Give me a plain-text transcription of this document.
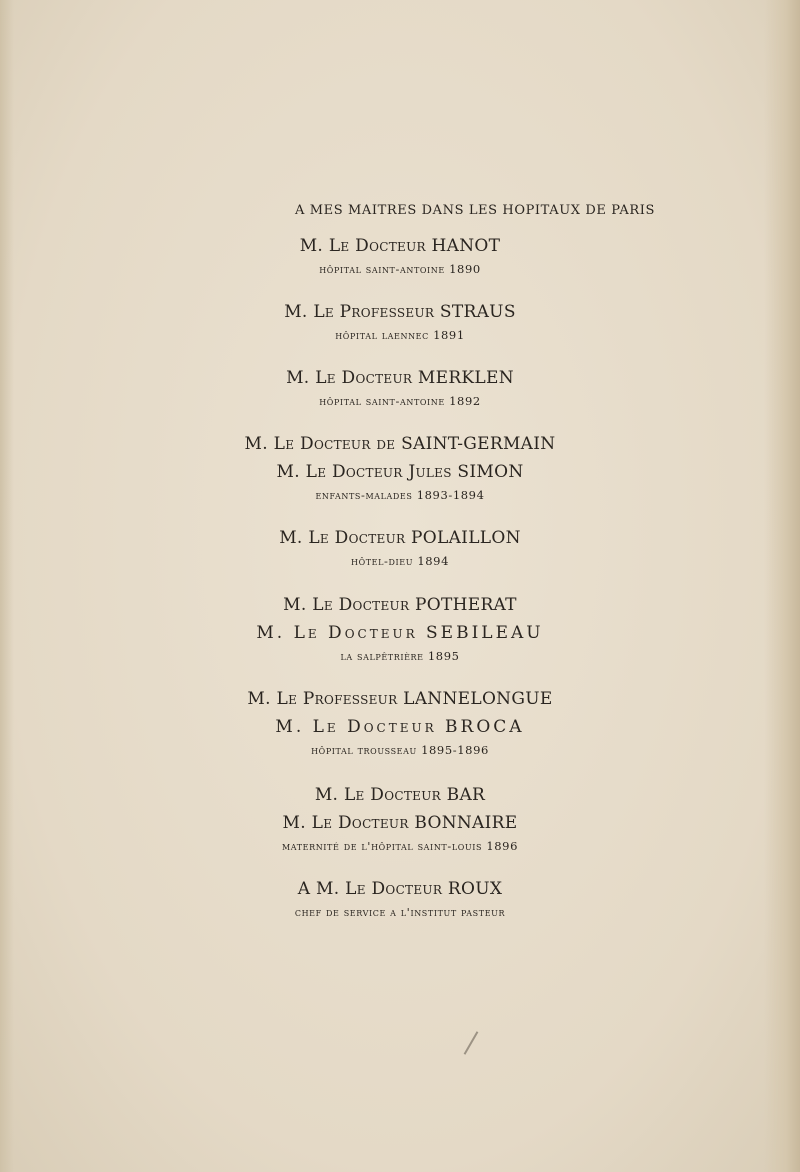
A MES MAITRES DANS LES HOPITAUX DE PARIS
M. Le Docteur HANOT
hôpital saint-antoine 1890
M. Le Professeur STRAUS
hôpital laennec 1891
M. Le Docteur MERKLEN
hôpital saint-antoine 1892
M. Le Docteur de SAINT-GERMAIN
M. Le Docteur Jules SIMON
enfants-malades 1893-1894
M. Le Docteur POLAILLON
hôtel-dieu 1894
M. Le Docteur POTHERAT
M. Le Docteur SEBILEAU
la salpêtrière 1895
M. Le Professeur LANNELONGUE
M. Le Docteur BROCA
hôpital trousseau 1895-1896
M. Le Docteur BAR
M. Le Docteur BONNAIRE
maternité de l'hôpital saint-louis 1896
A M. Le Docteur ROUX
chef de service a l'institut pasteur
